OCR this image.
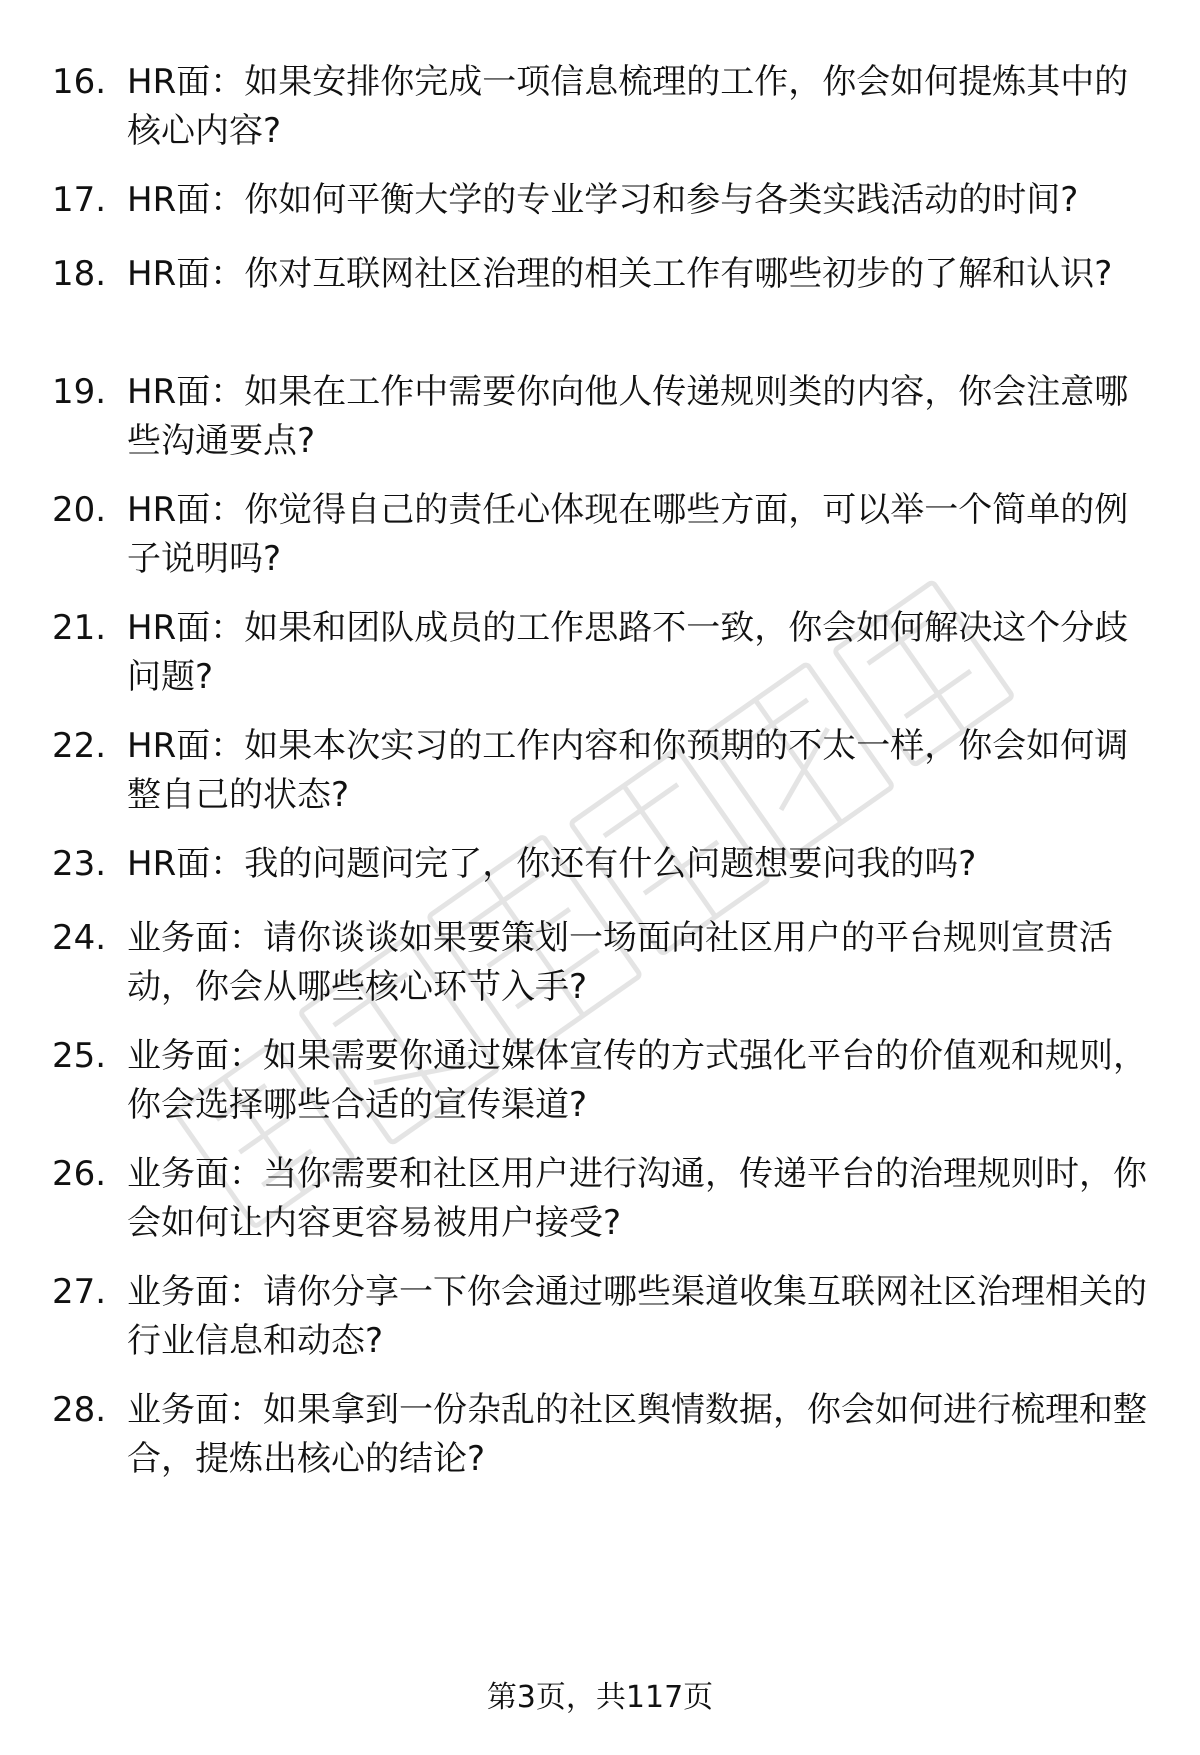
16. HR面：如果安排你完成一项信息梳理的工作，你会如何提炼其中的核心内容?
17. HR面：你如何平衡大学的专业学习和参与各类实践活动的时间?
18. HR面：你对互联网社区治理的相关工作有哪些初步的了解和认识?
19. HR面：如果在工作中需要你向他人传递规则类的内容，你会注意哪些沟通要点?
20. HR面：你觉得自己的责任心体现在哪些方面，可以举一个简单的例子说明吗?
21. HR面：如果和团队成员的工作思路不一致，你会如何解决这个分歧问题?
22. HR面：如果本次实习的工作内容和你预期的不太一样，你会如何调整自己的状态?
23. HR面：我的问题问完了，你还有什么问题想要问我的吗?
24. 业务面：请你谈谈如果要策划一场面向社区用户的平台规则宣贯活动，你会从哪些核心环节入手?
25. 业务面：如果需要你通过媒体宣传的方式强化平台的价值观和规则，你会选择哪些合适的宣传渠道?
26. 业务面：当你需要和社区用户进行沟通，传递平台的治理规则时，你会如何让内容更容易被用户接受?
27. 业务面：请你分享一下你会通过哪些渠道收集互联网社区治理相关的行业信息和动态?
28. 业务面：如果拿到一份杂乱的社区舆情数据，你会如何进行梳理和整合，提炼出核心的结论?
第3页，共117页
